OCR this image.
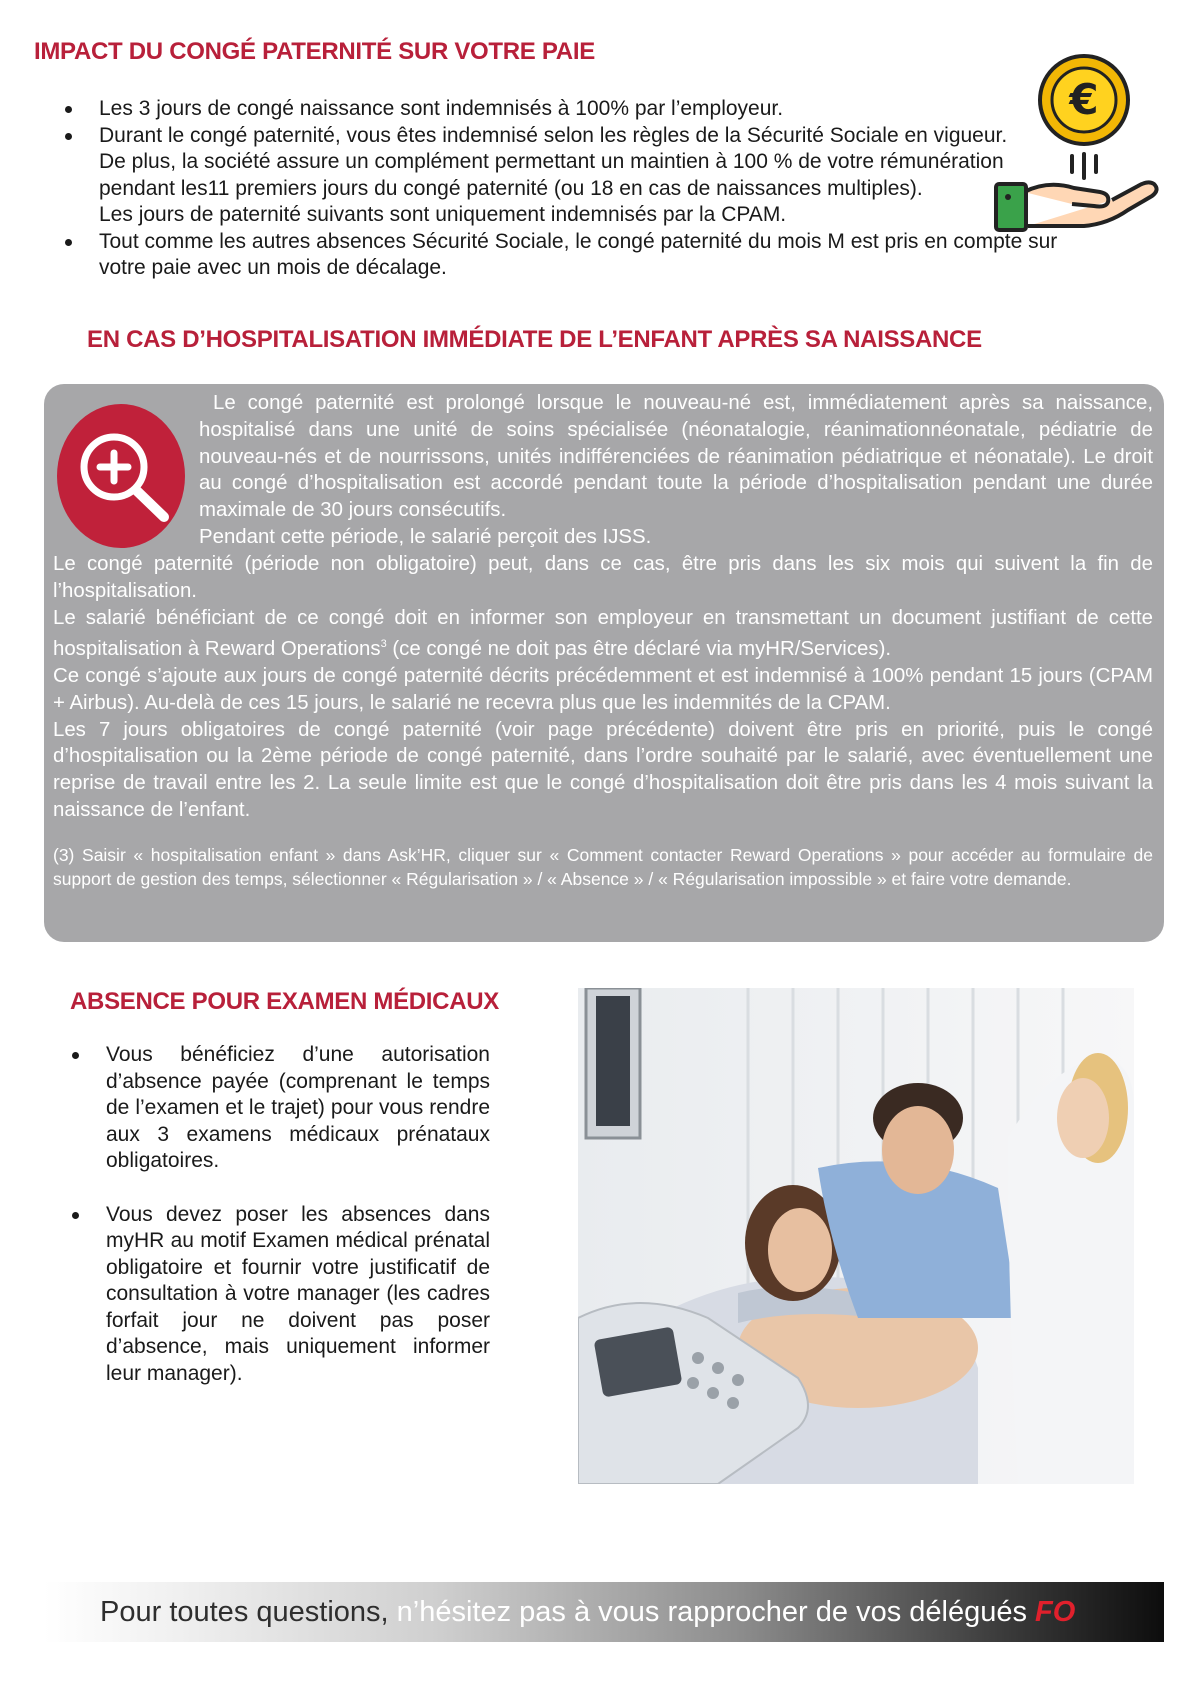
IMPACT DU CONGÉ PATERNITÉ SUR VOTRE PAIE
Les 3 jours de congé naissance sont indemnisés à 100% par l’employeur.
Durant le congé paternité, vous êtes indemnisé selon les règles de la Sécurité Sociale en vigueur.
De plus, la société assure un complément permettant un maintien à 100 % de votre rémunération pendant les11 premiers jours du congé paternité (ou 18 en cas de naissances multiples).
Les jours de paternité suivants sont uniquement indemnisés par la CPAM.
Tout comme les autres absences Sécurité Sociale, le congé paternité du mois M est pris en compte sur votre paie avec un mois de décalage.
€
EN CAS D’HOSPITALISATION IMMÉDIATE DE L’ENFANT APRÈS SA NAISSANCE

Le congé paternité est prolongé lorsque le nouveau-né est, immédiatement après sa naissance, hospitalisé dans une unité de soins spécialisée (néonatalogie, réanimationnéonatale, pédiatrie de nouveau-nés et de nourrissons, unités indifférenciées de réanimation pédiatrique et néonatale). Le droit au congé d’hospitalisation est accordé pendant toute la période d’hospitalisation pendant une durée maximale de 30 jours consécutifs.

Pendant cette période, le salarié perçoit des IJSS.

Le congé paternité (période non obligatoire) peut, dans ce cas, être pris dans les six mois qui suivent la fin de l’hospitalisation.

Le salarié bénéficiant de ce congé doit en informer son employeur en transmettant un document justifiant de cette hospitalisation à Reward Operations$^3$ (ce congé ne doit pas être déclaré via myHR/Services).

Ce congé s’ajoute aux jours de congé paternité décrits précédemment et est indemnisé à 100% pendant 15 jours (CPAM + Airbus). Au-delà de ces 15 jours, le salarié ne recevra plus que les indemnités de la CPAM.

Les 7 jours obligatoires de congé paternité (voir page précédente) doivent être pris en priorité, puis le congé d’hospitalisation ou la 2ème période de congé paternité, dans l’ordre souhaité par le salarié, avec éventuellement une reprise de travail entre les 2. La seule limite est que le congé d’hospitalisation doit être pris dans les 4 mois suivant la naissance de l’enfant.

(3) Saisir « hospitalisation enfant » dans Ask’HR, cliquer sur « Comment contacter Reward Operations » pour accéder au formulaire de support de gestion des temps, sélectionner « Régularisation » / « Absence » / « Régularisation impossible » et faire votre demande.

ABSENCE POUR EXAMEN MÉDICAUX
Vous bénéficiez d’une autorisation d’absence payée (comprenant le temps de l’examen et le trajet) pour vous rendre aux 3 examens médicaux prénataux obligatoires.
Vous devez poser les absences dans myHR au motif Examen médical prénatal obligatoire et fournir votre justificatif de consultation à votre manager (les cadres forfait jour ne doivent pas poser d’absence, mais uniquement informer leur manager).
Pour toutes questions, n’hésitez pas à vous rapprocher de vos délégués FO
